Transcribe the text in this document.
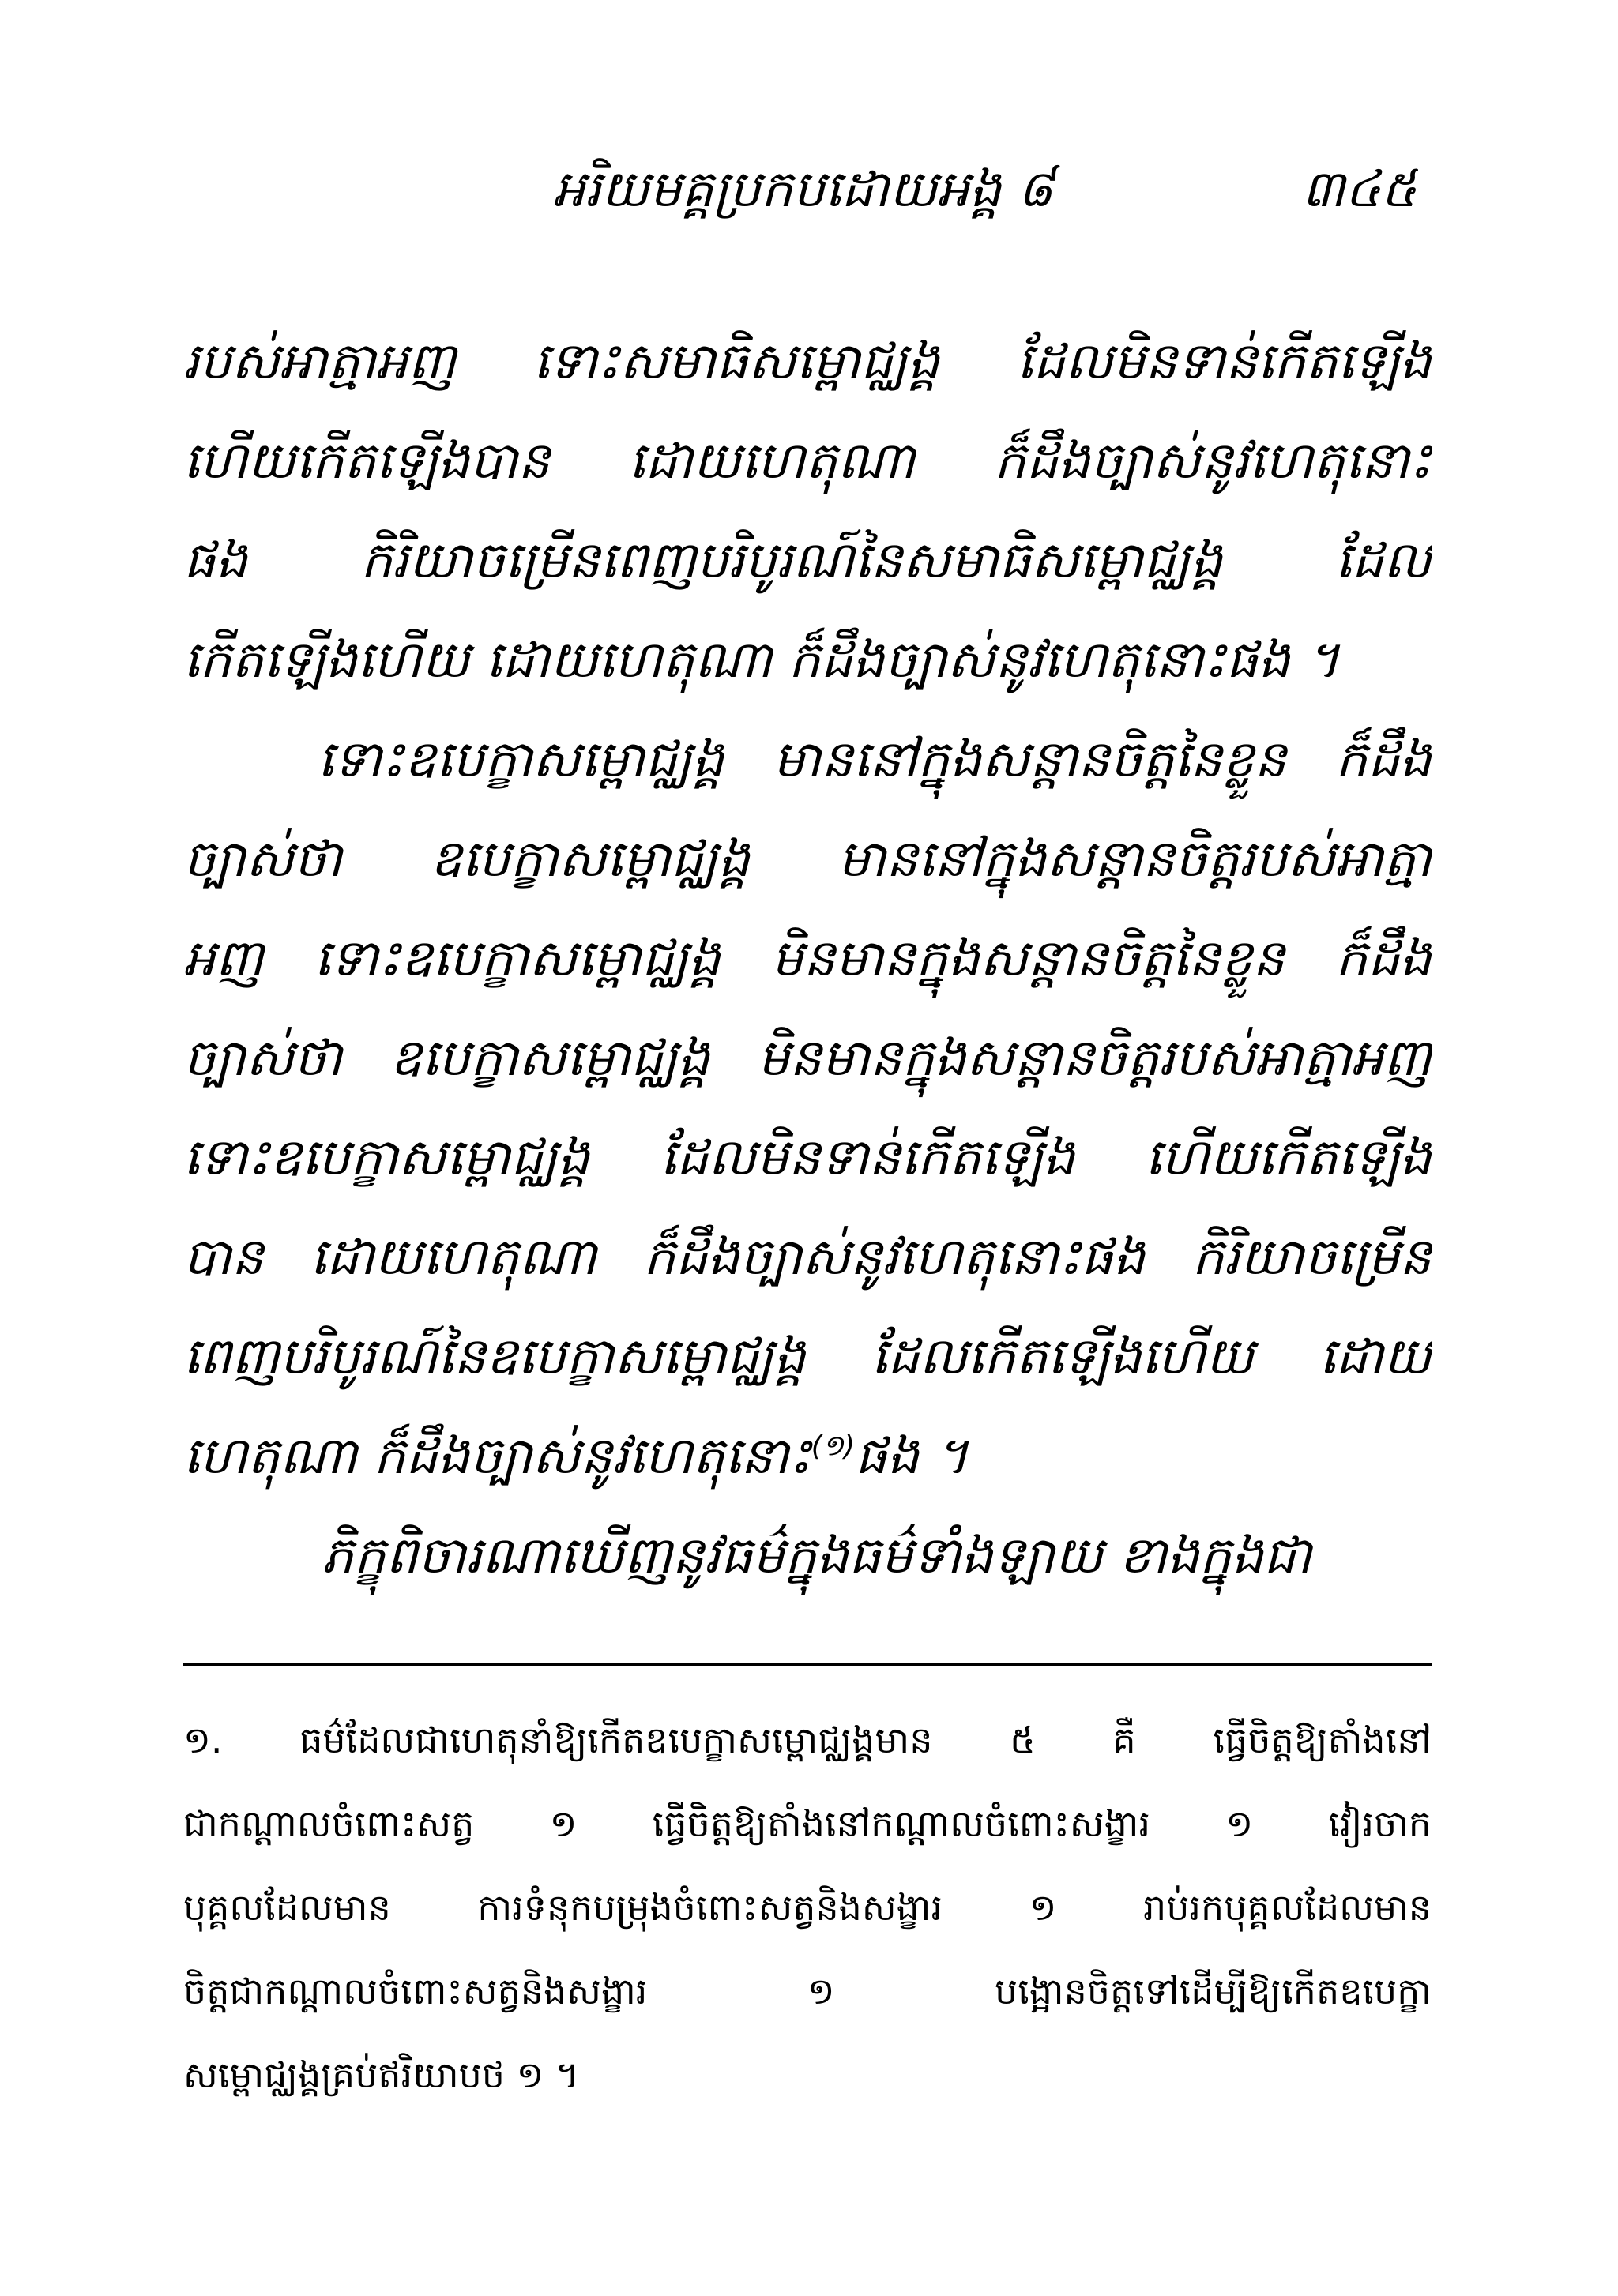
អរិយមគ្គប្រកបដោយអង្គ ៨	៣៤៥
របស់អាត្មាអញ ទោះសមាធិសម្ពោជ្ឈង្គ ដែលមិនទាន់កើតឡើង
ហើយកើតឡើងបាន ដោយហេតុណា ក៏ដឹងច្បាស់នូវហេតុនោះ
ផង កិរិយាចម្រើនពេញបរិបូរណ៍នៃសមាធិសម្ពោជ្ឈង្គ ដែល
កើតឡើងហើយ ដោយហេតុណា ក៏ដឹងច្បាស់នូវហេតុនោះផង ។
ទោះឧបេក្ខាសម្ពោជ្ឈង្គ មាននៅក្នុងសន្តានចិត្តនៃខ្លួន ក៏ដឹង
ច្បាស់ថា ឧបេក្ខាសម្ពោជ្ឈង្គ មាននៅក្នុងសន្តានចិត្តរបស់អាត្មា
អញ ទោះឧបេក្ខាសម្ពោជ្ឈង្គ មិនមានក្នុងសន្តានចិត្តនៃខ្លួន ក៏ដឹង
ច្បាស់ថា ឧបេក្ខាសម្ពោជ្ឈង្គ មិនមានក្នុងសន្តានចិត្តរបស់អាត្មាអញ
ទោះឧបេក្ខាសម្ពោជ្ឈង្គ ដែលមិនទាន់កើតឡើង ហើយកើតឡើង
បាន ដោយហេតុណា ក៏ដឹងច្បាស់នូវហេតុនោះផង កិរិយាចម្រើន
ពេញបរិបូរណ៍នៃឧបេក្ខាសម្ពោជ្ឈង្គ ដែលកើតឡើងហើយ ដោយ
ហេតុណា ក៏ដឹងច្បាស់នូវហេតុនោះ$^{(១)}$ផង ។
ភិក្ខុពិចារណាឃើញនូវធម៌ក្នុងធម៌ទាំងឡាយ ខាងក្នុងជា
១. ធម៌ដែលជាហេតុនាំឱ្យកើតឧបេក្ខាសម្ពោជ្ឈង្គមាន ៥ គឺ ធ្វើចិត្តឱ្យតាំងនៅ
ជាកណ្ដាលចំពោះសត្វ ១ ធ្វើចិត្តឱ្យតាំងនៅកណ្ដាលចំពោះសង្ខារ ១ វៀរចាក
បុគ្គលដែលមាន ការទំនុកបម្រុងចំពោះសត្វនិងសង្ខារ ១ រាប់រកបុគ្គលដែលមាន
ចិត្តជាកណ្ដាលចំពោះសត្វនិងសង្ខារ ១ បង្អោនចិត្តទៅដើម្បីឱ្យកើតឧបេក្ខា
សម្ពោជ្ឈង្គគ្រប់ឥរិយាបថ ១ ។
